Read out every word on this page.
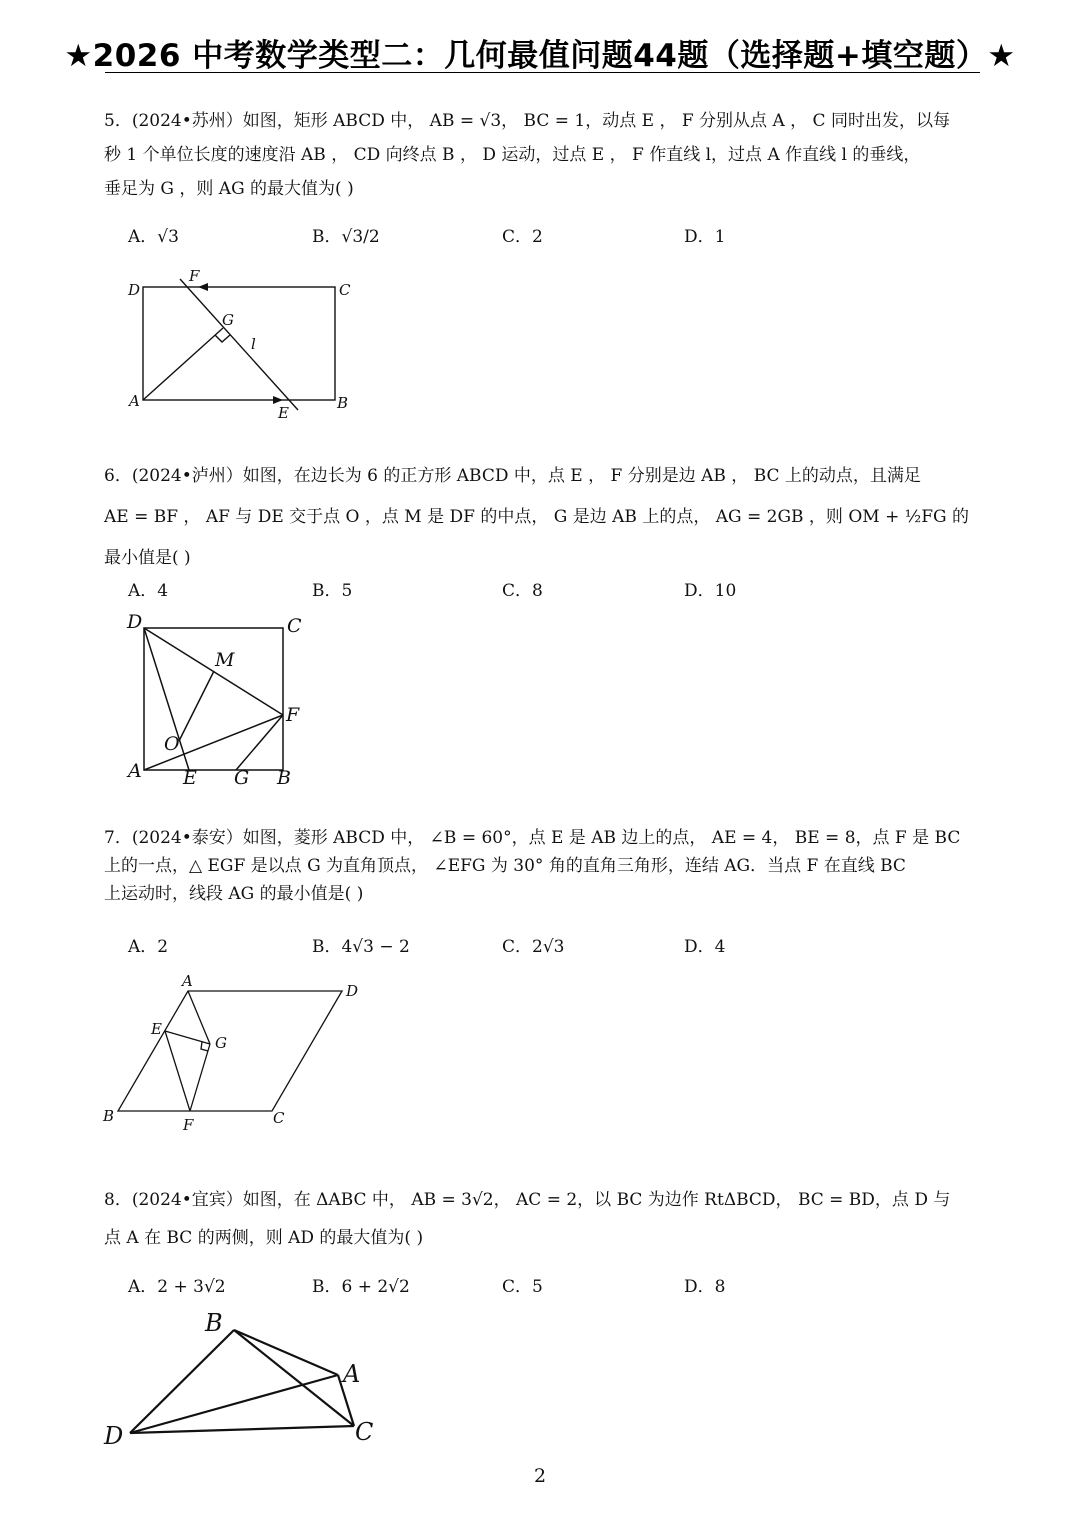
★2026 中考数学类型二：几何最值问题44题（选择题+填空题）★
5．(2024•苏州）如图，矩形 ABCD 中， AB = √3， BC = 1，动点 E ， F 分别从点 A ， C 同时出发，以每
秒 1 个单位长度的速度沿 AB ， CD 向终点 B ， D 运动，过点 E ， F 作直线 l，过点 A 作直线 l 的垂线，
垂足为 G ，则 AG 的最大值为( )
A．√3	B．√3/2	C．2	D．1
D	C
A	B
F
G
l
E
6．(2024•泸州）如图，在边长为 6 的正方形 ABCD 中，点 E ， F 分别是边 AB ， BC 上的动点，且满足
AE = BF ， AF 与 DE 交于点 O ，点 M 是 DF 的中点， G 是边 AB 上的点， AG = 2GB ，则 OM + ½FG 的
最小值是( )
A．4	B．5	C．8	D．10
D	C
M
F
O
A E G B
7．(2024•泰安）如图，菱形 ABCD 中， ∠B = 60°，点 E 是 AB 边上的点， AE = 4， BE = 8，点 F 是 BC
上的一点，△ EGF 是以点 G 为直角顶点， ∠EFG 为 30° 角的直角三角形，连结 AG．当点 F 在直线 BC
上运动时，线段 AG 的最小值是( )
A．2	B．4√3 − 2	C．2√3	D．4
A
D
E
G
B	F	C
8．(2024•宜宾）如图，在 ΔABC 中， AB = 3√2， AC = 2，以 BC 为边作 RtΔBCD， BC = BD，点 D 与
点 A 在 BC 的两侧，则 AD 的最大值为( )
A．2 + 3√2	B．6 + 2√2	C．5	D．8
B
A
D	C
2
